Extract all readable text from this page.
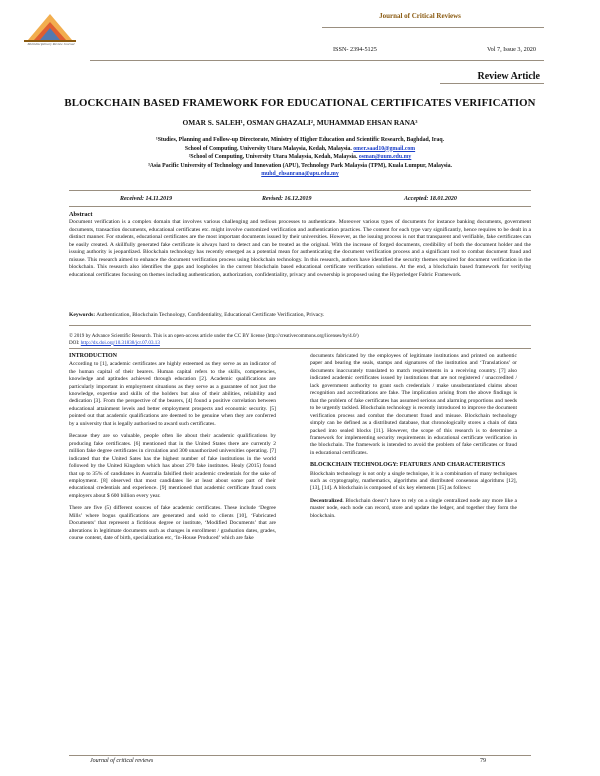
Multidisciplinary Review Journal
Journal of Critical Reviews
ISSN- 2394-5125	Vol 7, Issue 3, 2020
Review Article
BLOCKCHAIN BASED FRAMEWORK FOR EDUCATIONAL CERTIFICATES VERIFICATION
OMAR S. SALEH¹, OSMAN GHAZALI², MUHAMMAD EHSAN RANA³
¹Studies, Planning and Follow-up Directorate, Ministry of Higher Education and Scientific Research, Baghdad, Iraq.
School of Computing, University Utara Malaysia, Kedah, Malaysia. omer.saad10@gmail.com
²School of Computing, University Utara Malaysia, Kedah, Malaysia. osman@uum.edu.my
³Asia Pacific University of Technology and Innovation (APU), Technology Park Malaysia (TPM), Kuala Lumpur, Malaysia.
muhd_ehsanrana@apu.edu.my
Received: 14.11.2019	Revised: 16.12.2019	Accepted: 18.01.2020
Abstract
Document verification is a complex domain that involves various challenging and tedious processes to authenticate. Moreover various types of documents for instance banking documents, government documents, transaction documents, educational certificates etc. might involve customized verification and authentication practices. The content for each type vary significantly, hence requires to be dealt in a distinct manner. For students, educational certificates are the most important documents issued by their universities. However, as the issuing process is not that transparent and verifiable, fake certificates can be easily created. A skillfully generated fake certificate is always hard to detect and can be treated as the original. With the increase of forged documents, credibility of both the document holder and the issuing authority is jeopardized. Blockchain technology has recently emerged as a potential mean for authenticating the document verification process and a significant tool to combat document fraud and misuse. This research aimed to enhance the document verification process using blockchain technology. In this research, authors have identified the security themes required for document verification in the blockchain. This research also identifies the gaps and loopholes in the current blockchain based educational certificate verification solutions. At the end, a blockchain based framework for verifying educational certificates focusing on themes including authentication, authorization, confidentiality, privacy and ownership is proposed using the Hyperledger Fabric Framework.
Keywords: Authentication, Blockchain Technology, Confidentiality, Educational Certificate Verification, Privacy.
© 2019 by Advance Scientific Research. This is an open-access article under the CC BY license (http://creativecommons.org/licenses/by/4.0/)
DOI: http://dx.doi.org/10.31838/jcr.07.03.13
INTRODUCTION

According to [1], academic certificates are highly esteemed as they serve as an indicator of the human capital of their bearers. Human capital refers to the skills, competencies, knowledge and aptitudes achieved through education [2]. Academic qualifications are particularly important in employment situations as they serve as a guarantee of not just the knowledge, expertise and skills of the holders but also of their abilities, reliability and dedication [3]. From the perspective of the bearers, [4] found a positive correlation between educational attainment levels and better employment prospects and economic security. [5] pointed out that academic qualifications are deemed to be genuine when they are conferred by a university that is legally authorised to award such certificates.

Because they are so valuable, people often lie about their academic qualifications by producing fake certificates. [6] mentioned that in the United States there are currently 2 million fake degree certificates in circulation and 300 unauthorized universities operating. [7] indicated that the United Sates has the highest number of fake institutions in the world followed by the United Kingdom which has about 270 fake institutes. Healy (2015) found that up to 35% of candidates in Australia falsified their academic credentials for the sake of employment. [8] observed that most candidates lie at least about some part of their educational credentials and experience. [9] mentioned that academic certificate fraud costs employers about $ 600 billion every year.

There are five (5) different sources of fake academic certificates. These include ‘Degree Mills’ where bogus qualifications are generated and sold to clients [10], ‘Fabricated Documents’ that represent a fictitious degree or institute, ‘Modified Documents’ that are alterations in legitimate documents such as changes in enrollment / graduation dates, grades, course content, date of birth, specialization etc, ‘In-House Produced’ which are fake

documents fabricated by the employees of legitimate institutions and printed on authentic paper and bearing the seals, stamps and signatures of the institution and ‘Translations’ or documents inaccurately translated to match requirements in a receiving country. [7] also indicated academic certificates issued by institutions that are not registered / unaccredited / lack government authority to grant such credentials / make unsubstantiated claims about recognition and accreditations are fake. The implication arising from the above findings is that the problem of fake certificates has assumed serious and alarming proportions and needs to be urgently tackled. Blockchain technology is recently introduced to improve the document verification process and combat the document fraud and misuse. Blockchain technology simply can be defined as a distributed database, that chronologically stores a chain of data packed into sealed blocks [11]. However, the scope of this research is to determine a framework for implementing security requirements in educational certificate verification in the blockchain. The framework is intended to avoid the problem of fake certificates or fraud in educational certificates.

BLOCKCHAIN TECHNOLOGY: FEATURES AND CHARACTERISTICS

Blockchain technology is not only a single technique, it is a combination of many techniques such as cryptography, mathematics, algorithms and distributed consensus algorithms [12], [13], [14]. A blockchain is composed of six key elements [15] as follows:

Decentralized. Blockchain doesn’t have to rely on a single centralized node any more like a master node, each node can record, store and update the ledger, and together they form the blockchain.

Journal of critical reviews	79
